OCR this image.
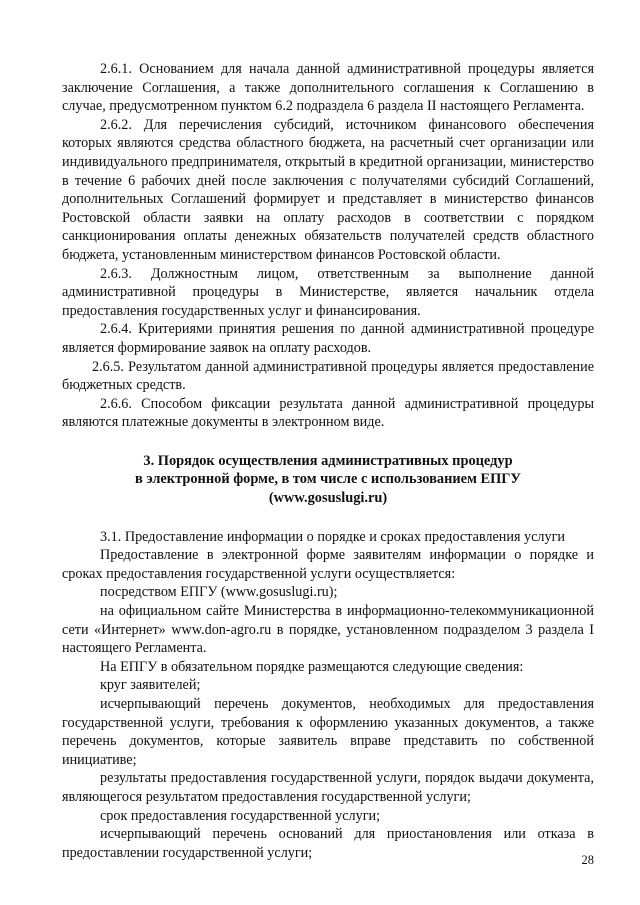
2.6.1. Основанием для начала данной административной процедуры является заключение Соглашения, а также дополнительного соглашения к Соглашению в случае, предусмотренном пунктом 6.2 подраздела 6 раздела II настоящего Регламента.

2.6.2. Для перечисления субсидий, источником финансового обеспечения которых являются средства областного бюджета, на расчетный счет организации или индивидуального предпринимателя, открытый в кредитной организации, министерство в течение 6 рабочих дней после заключения с получателями субсидий Соглашений, дополнительных Соглашений формирует и представляет в министерство финансов Ростовской области заявки на оплату расходов в соответствии с порядком санкционирования оплаты денежных обязательств получателей средств областного бюджета, установленным министерством финансов Ростовской области.

2.6.3. Должностным лицом, ответственным за выполнение данной административной процедуры в Министерстве, является начальник отдела предоставления государственных услуг и финансирования.

2.6.4. Критериями принятия решения по данной административной процедуре является формирование заявок на оплату расходов.

2.6.5. Результатом данной административной процедуры является предоставление бюджетных средств.

2.6.6. Способом фиксации результата данной административной процедуры являются платежные документы в электронном виде.

3. Порядок осуществления административных процедур

в электронной форме, в том числе с использованием ЕПГУ

(www.gosuslugi.ru)

3.1. Предоставление информации о порядке и сроках предоставления услуги

Предоставление в электронной форме заявителям информации о порядке и сроках предоставления государственной услуги осуществляется:

посредством ЕПГУ (www.gosuslugi.ru);

на официальном сайте Министерства в информационно-телекоммуникационной сети «Интернет» www.don-agro.ru в порядке, установленном подразделом 3 раздела I настоящего Регламента.

На ЕПГУ в обязательном порядке размещаются следующие сведения:

круг заявителей;

исчерпывающий перечень документов, необходимых для предоставления государственной услуги, требования к оформлению указанных документов, а также перечень документов, которые заявитель вправе представить по собственной инициативе;

результаты предоставления государственной услуги, порядок выдачи документа, являющегося результатом предоставления государственной услуги;

срок предоставления государственной услуги;

исчерпывающий перечень оснований для приостановления или отказа в предоставлении государственной услуги;	28
